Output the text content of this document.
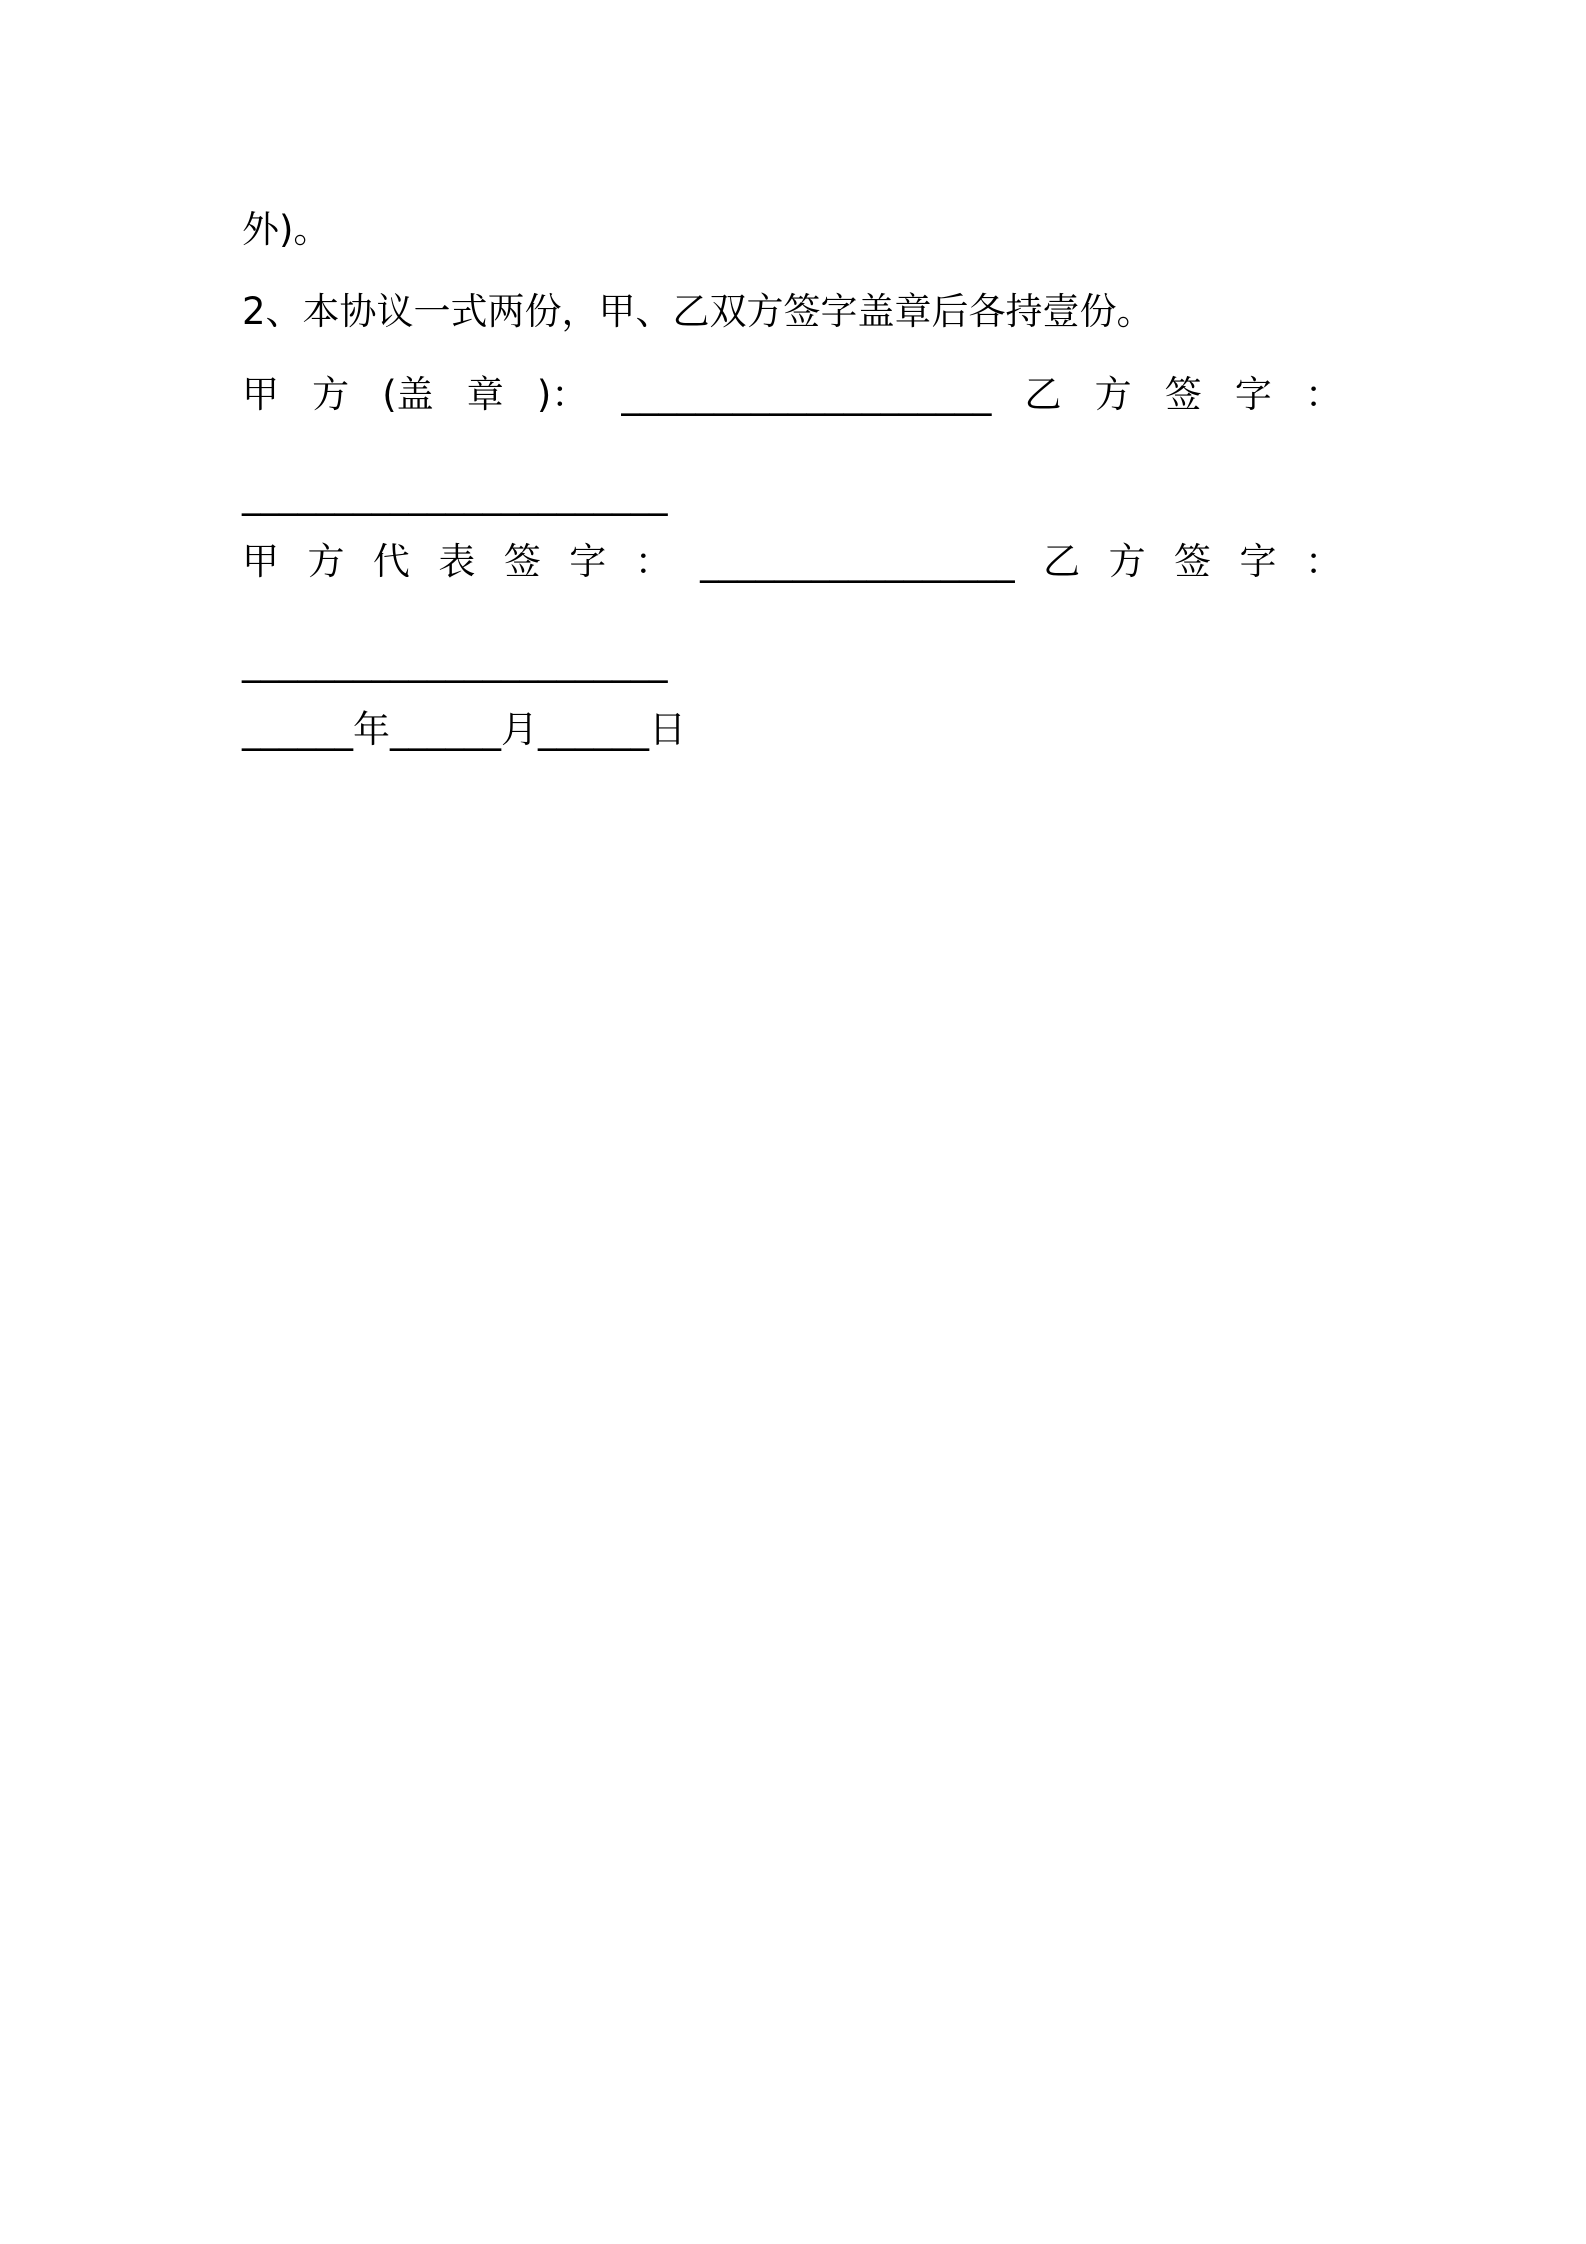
外)。
2、本协议一式两份，甲、乙双方签字盖章后各持壹份。
甲 方 (盖 章 )： ____________________ 乙 方 签 字 ：
_______________________
甲 方 代 表 签 字 ： _________________ 乙 方 签 字 ：
_______________________
______年______月______日
